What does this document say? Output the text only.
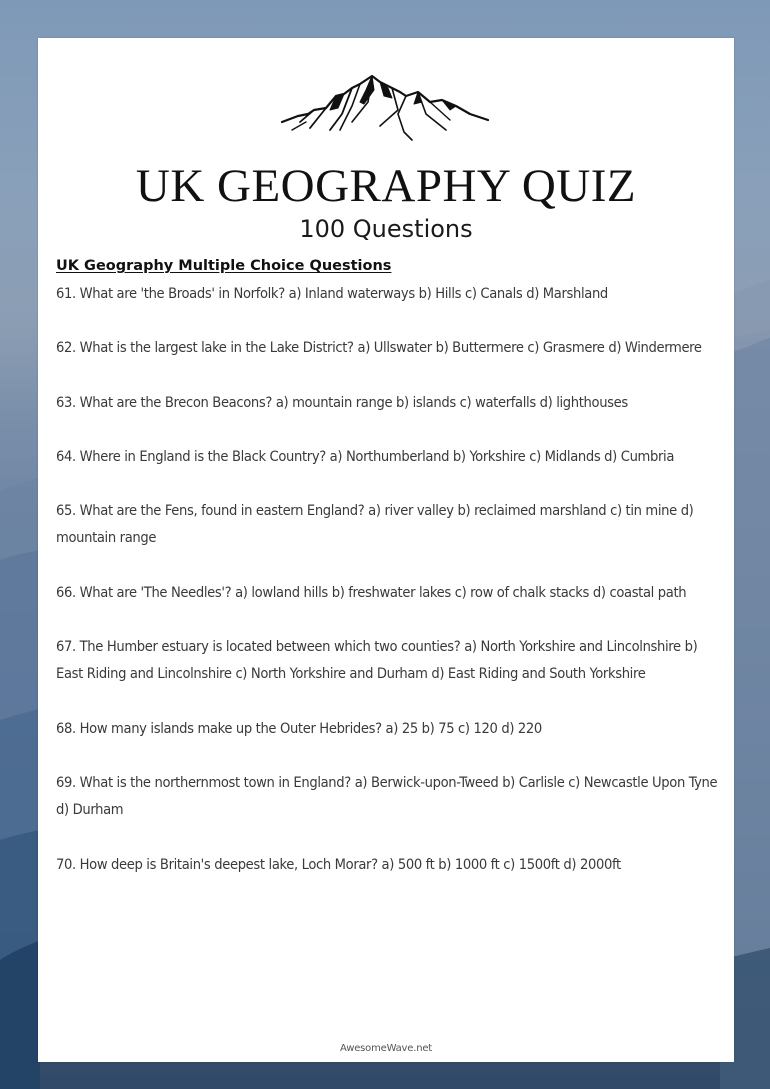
UK GEOGRAPHY QUIZ
100 Questions
UK Geography Multiple Choice Questions
61. What are 'the Broads' in Norfolk? a) Inland waterways b) Hills c) Canals d) Marshland
62. What is the largest lake in the Lake District? a) Ullswater b) Buttermere c) Grasmere d) Windermere
63. What are the Brecon Beacons? a) mountain range b) islands c) waterfalls d) lighthouses
64. Where in England is the Black Country? a) Northumberland b) Yorkshire c) Midlands d) Cumbria
65. What are the Fens, found in eastern England? a) river valley b) reclaimed marshland c) tin mine d) mountain range
66. What are 'The Needles'? a) lowland hills b) freshwater lakes c) row of chalk stacks d) coastal path
67. The Humber estuary is located between which two counties? a) North Yorkshire and Lincolnshire b) East Riding and Lincolnshire c) North Yorkshire and Durham d) East Riding and South Yorkshire
68. How many islands make up the Outer Hebrides? a) 25 b) 75 c) 120 d) 220
69. What is the northernmost town in England? a) Berwick-upon-Tweed b) Carlisle c) Newcastle Upon Tyne d) Durham
70. How deep is Britain's deepest lake, Loch Morar? a) 500 ft b) 1000 ft c) 1500ft d) 2000ft
AwesomeWave.net
